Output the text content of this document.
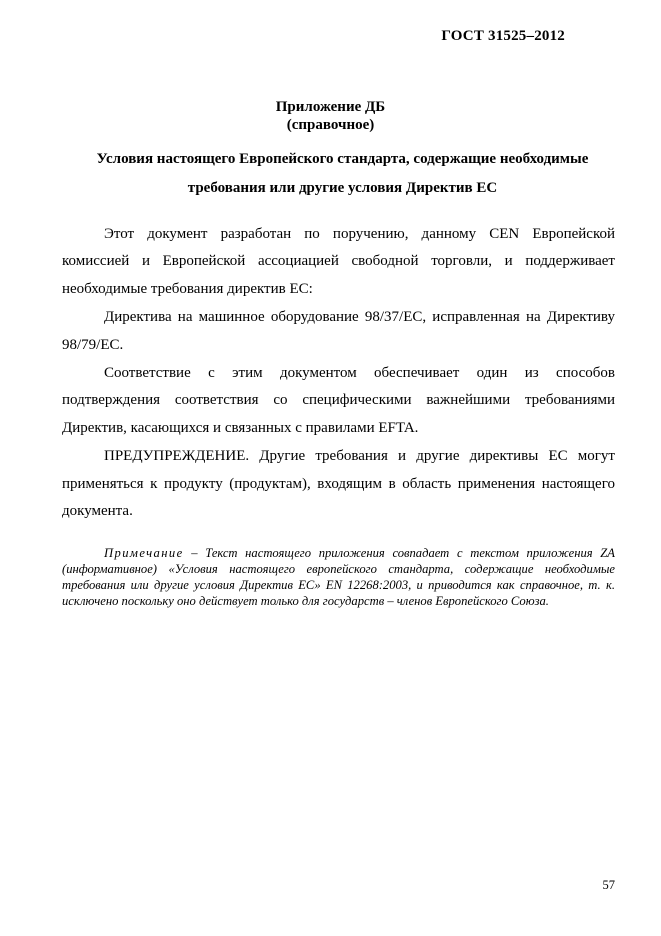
ГОСТ 31525–2012
Приложение ДБ
(справочное)
Условия настоящего Европейского стандарта, содержащие необходимые
требования или другие условия Директив ЕС

Этот документ разработан по поручению, данному CEN Европейской комиссией и Европейской ассоциацией свободной торговли, и поддерживает необходимые требования директив ЕС:

Директива на машинное оборудование 98/37/ЕС, исправленная на Директиву 98/79/ЕС.

Соответствие с этим документом обеспечивает один из способов подтверждения соответствия со специфическими важнейшими требованиями Директив, касающихся и связанных с правилами EFTA.

ПРЕДУПРЕЖДЕНИЕ. Другие требования и другие директивы ЕС могут применяться к продукту (продуктам), входящим в область применения настоящего документа.

Примечание – Текст настоящего приложения совпадает с текстом приложения ZA (информативное) «Условия настоящего европейского стандарта, содержащие необходимые требования или другие условия Директив ЕС» EN 12268:2003, и приводится как справочное, т. к. исключено поскольку оно действует только для государств – членов Европейского Союза.
57
